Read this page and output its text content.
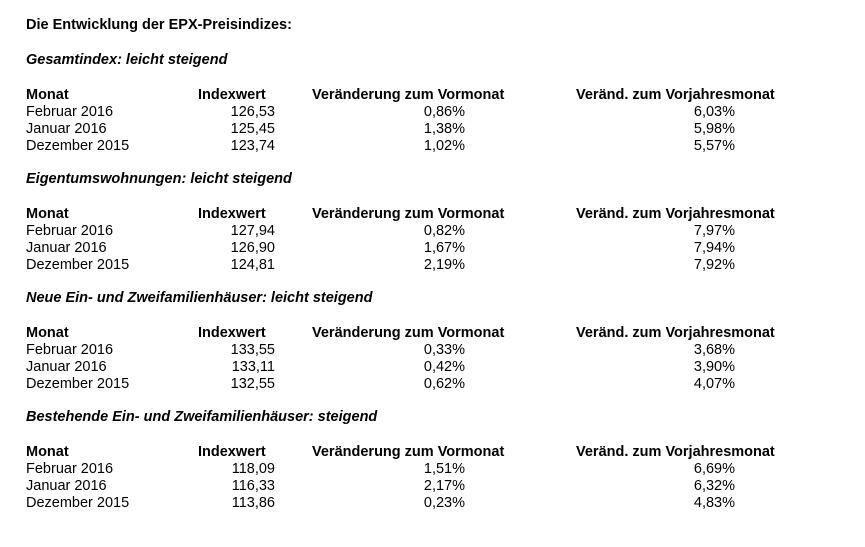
Die Entwicklung der EPX-Preisindizes:
Gesamtindex: leicht steigend
Monat	Indexwert	Veränderung zum Vormonat	Veränd. zum Vorjahresmonat
Februar 2016	126,53	0,86%	6,03%
Januar 2016	125,45	1,38%	5,98%
Dezember 2015	123,74	1,02%	5,57%
Eigentumswohnungen: leicht steigend
Monat	Indexwert	Veränderung zum Vormonat	Veränd. zum Vorjahresmonat
Februar 2016	127,94	0,82%	7,97%
Januar 2016	126,90	1,67%	7,94%
Dezember 2015	124,81	2,19%	7,92%
Neue Ein- und Zweifamilienhäuser: leicht steigend
Monat	Indexwert	Veränderung zum Vormonat	Veränd. zum Vorjahresmonat
Februar 2016	133,55	0,33%	3,68%
Januar 2016	133,11	0,42%	3,90%
Dezember 2015	132,55	0,62%	4,07%
Bestehende Ein- und Zweifamilienhäuser: steigend
Monat	Indexwert	Veränderung zum Vormonat	Veränd. zum Vorjahresmonat
Februar 2016	118,09	1,51%	6,69%
Januar 2016	116,33	2,17%	6,32%
Dezember 2015	113,86	0,23%	4,83%
